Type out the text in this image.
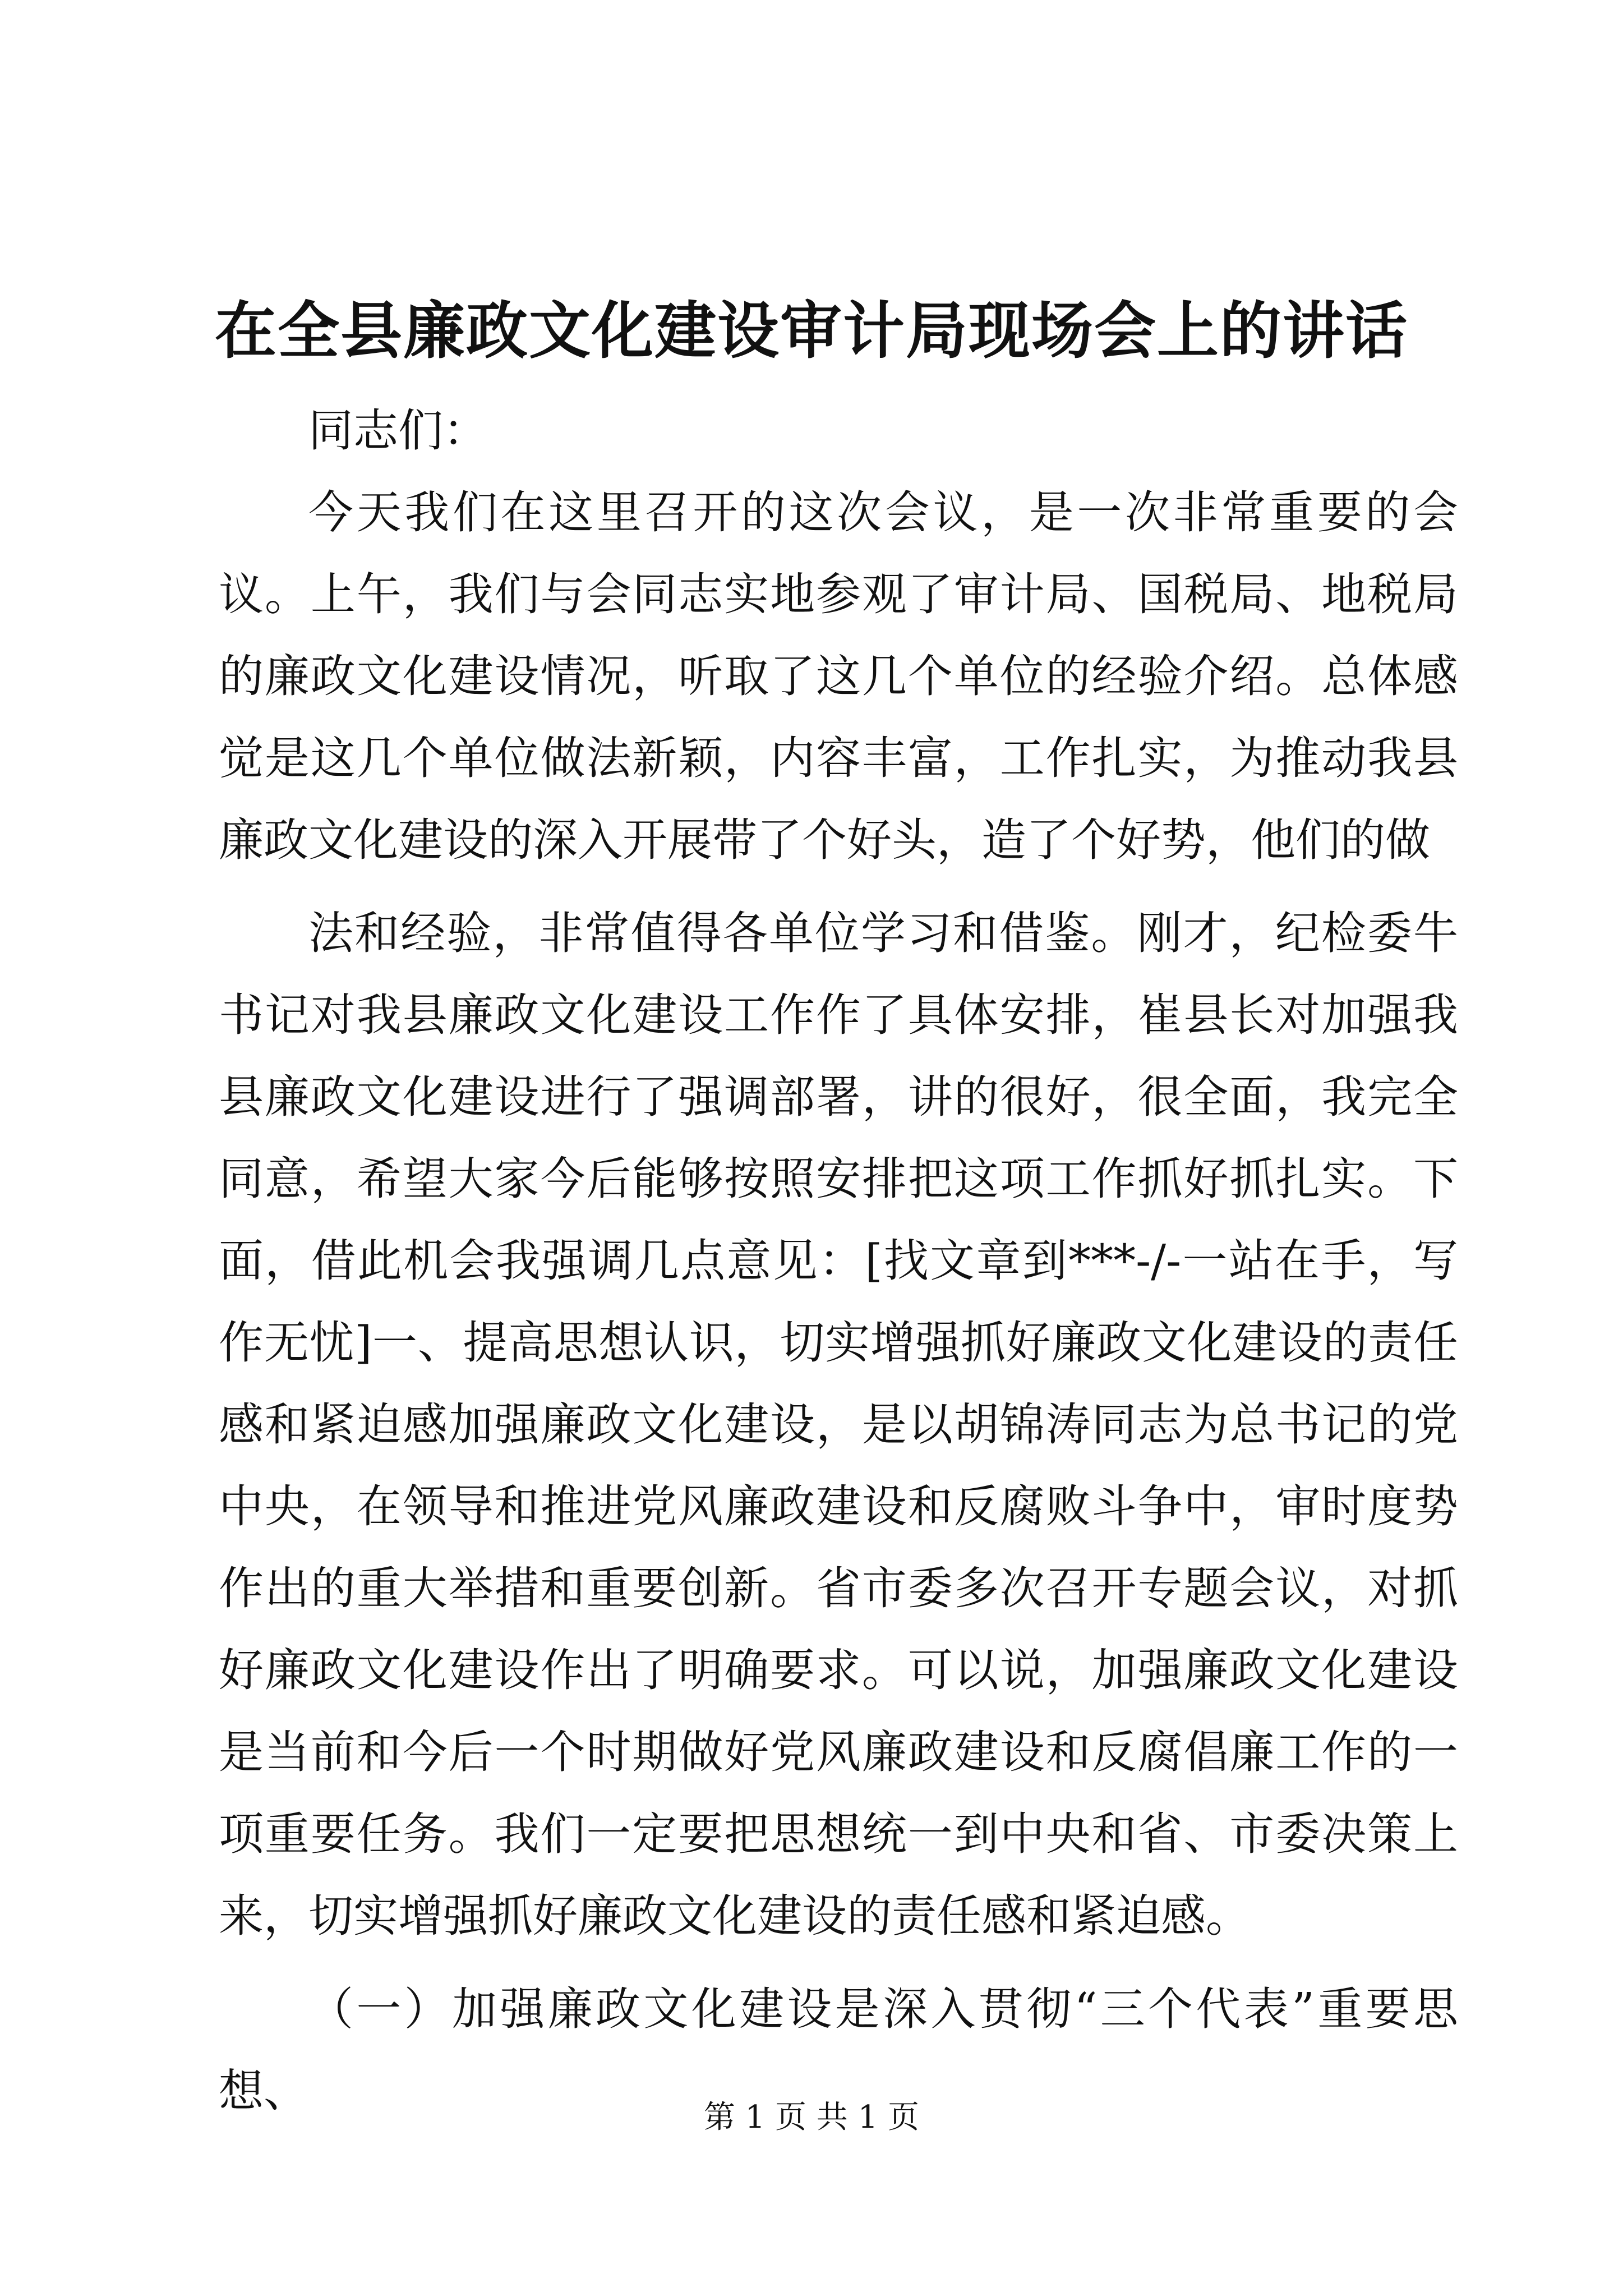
在全县廉政文化建设审计局现场会上的讲话

同志们：

今天我们在这里召开的这次会议，是一次非常重要的会议。上午，我们与会同志实地参观了审计局、国税局、地税局的廉政文化建设情况，听取了这几个单位的经验介绍。总体感觉是这几个单位做法新颖，内容丰富，工作扎实，为推动我县廉政文化建设的深入开展带了个好头，造了个好势，他们的做

法和经验，非常值得各单位学习和借鉴。刚才，纪检委牛书记对我县廉政文化建设工作作了具体安排，崔县长对加强我县廉政文化建设进行了强调部署，讲的很好，很全面，我完全同意，希望大家今后能够按照安排把这项工作抓好抓扎实。下面，借此机会我强调几点意见：[找文章到***-/-一站在手，写作无忧]一、提高思想认识，切实增强抓好廉政文化建设的责任感和紧迫感加强廉政文化建设，是以胡锦涛同志为总书记的党中央，在领导和推进党风廉政建设和反腐败斗争中，审时度势作出的重大举措和重要创新。省市委多次召开专题会议，对抓好廉政文化建设作出了明确要求。可以说，加强廉政文化建设是当前和今后一个时期做好党风廉政建设和反腐倡廉工作的一项重要任务。我们一定要把思想统一到中央和省、市委决策上来，切实增强抓好廉政文化建设的责任感和紧迫感。

（一）加强廉政文化建设是深入贯彻“三个代表”重要思想、

第 1 页 共 1 页
